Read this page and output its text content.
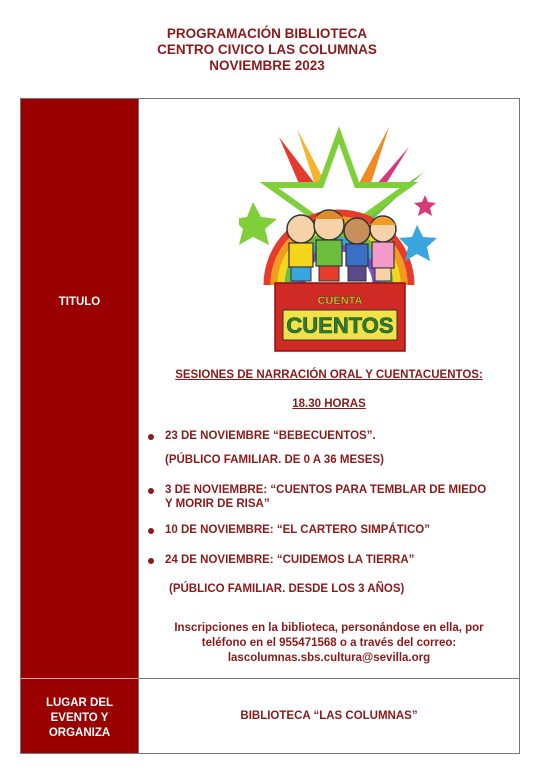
PROGRAMACIÓN BIBLIOTECA
CENTRO CIVICO LAS COLUMNAS
NOVIEMBRE 2023
TITULO
LUGAR DEL
EVENTO Y
ORGANIZA
CUENTA
CUENTOS
SESIONES DE NARRACIÓN ORAL Y CUENTACUENTOS:
18.30 HORAS
23 DE NOVIEMBRE “BEBECUENTOS”.
(PÚBLICO FAMILIAR. DE 0 A 36 MESES)
3 DE NOVIEMBRE: “CUENTOS PARA TEMBLAR DE MIEDO
Y MORIR DE RISA”
10 DE NOVIEMBRE: “EL CARTERO SIMPÁTICO”
24 DE NOVIEMBRE: “CUIDEMOS LA TIERRA”
(PÚBLICO FAMILIAR. DESDE LOS 3 AÑOS)
Inscripciones en la biblioteca, personándose en ella, por
teléfono en el 955471568 o a través del correo:
lascolumnas.sbs.cultura@sevilla.org
BIBLIOTECA “LAS COLUMNAS”
